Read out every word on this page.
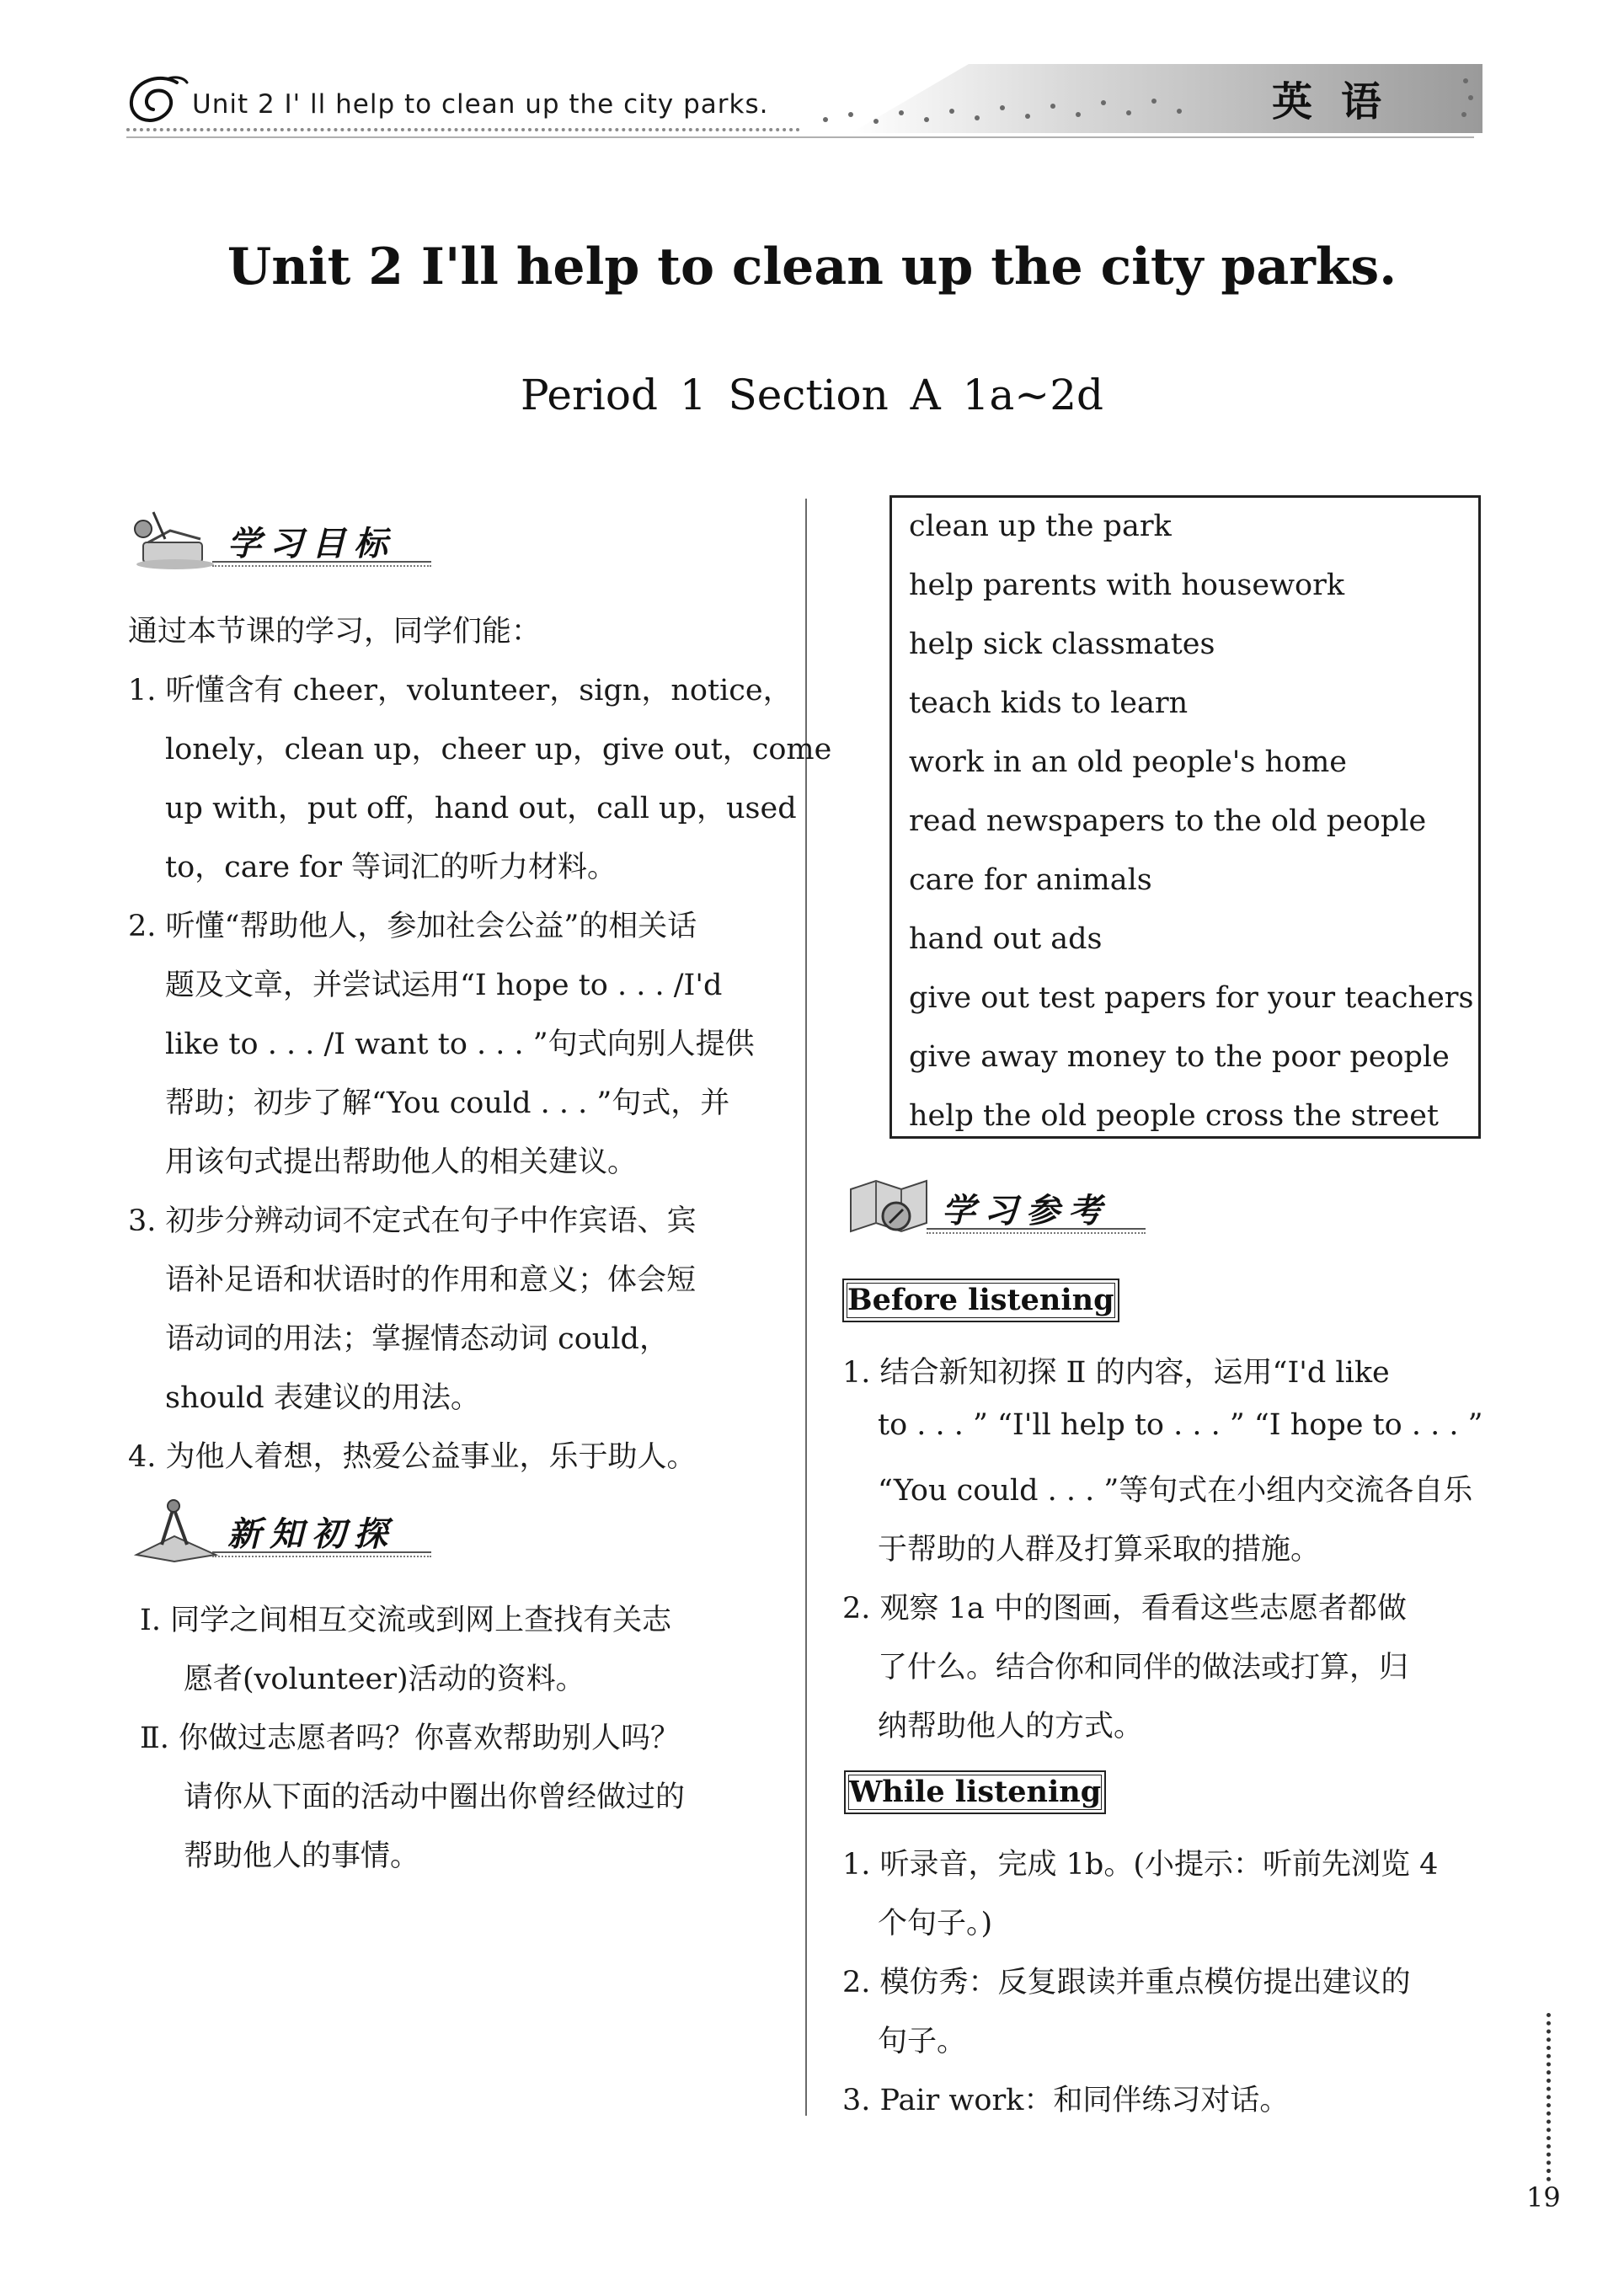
Unit 2 I' ll help to clean up the city parks.	英语
Unit 2 I'll help to clean up the city parks.
Period 1 Section A 1a~2d
学习目标
通过本节课的学习，同学们能：
1. 听懂含有 cheer，volunteer，sign，notice，
lonely，clean up，cheer up，give out，come
up with，put off，hand out，call up，used
to，care for 等词汇的听力材料。
2. 听懂“帮助他人，参加社会公益”的相关话
题及文章，并尝试运用“I hope to . . . /I'd
like to . . . /I want to . . . ”句式向别人提供
帮助；初步了解“You could . . . ”句式，并
用该句式提出帮助他人的相关建议。
3. 初步分辨动词不定式在句子中作宾语、宾
语补足语和状语时的作用和意义；体会短
语动词的用法；掌握情态动词 could，
should 表建议的用法。
4. 为他人着想，热爱公益事业，乐于助人。
新知初探
Ⅰ. 同学之间相互交流或到网上查找有关志
愿者(volunteer)活动的资料。
Ⅱ. 你做过志愿者吗？你喜欢帮助别人吗？
请你从下面的活动中圈出你曾经做过的
帮助他人的事情。
clean up the park
help parents with housework
help sick classmates
teach kids to learn
work in an old people's home
read newspapers to the old people
care for animals
hand out ads
give out test papers for your teachers
give away money to the poor people
help the old people cross the street
学习参考
Before listening
1. 结合新知初探 Ⅱ 的内容，运用“I'd like
to . . . ” “I'll help to . . . ” “I hope to . . . ”
“You could . . . ”等句式在小组内交流各自乐
于帮助的人群及打算采取的措施。
2. 观察 1a 中的图画，看看这些志愿者都做
了什么。结合你和同伴的做法或打算，归
纳帮助他人的方式。
While listening
1. 听录音，完成 1b。(小提示：听前先浏览 4
个句子。)
2. 模仿秀：反复跟读并重点模仿提出建议的
句子。
3. Pair work：和同伴练习对话。
19
